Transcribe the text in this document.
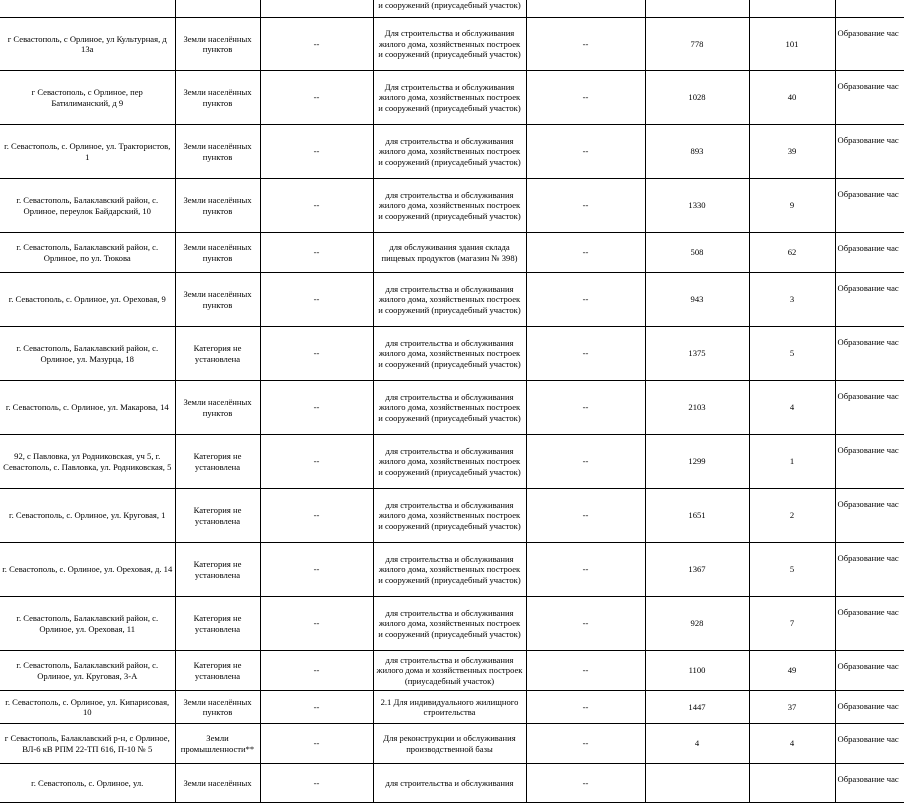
			и сооружений (приусадебный участок)				
г Севастополь, с Орлиное, ул Культурная, д 13а	Земли населённых пунктов	--	Для строительства и обслуживания жилого дома, хозяйственных построек и сооружений (приусадебный участок)	--	778	101	Образование час
г Севастополь, с Орлиное, пер Батилиманский, д 9	Земли населённых пунктов	--	Для строительства и обслуживания жилого дома, хозяйственных построек и сооружений (приусадебный участок)	--	1028	40	Образование час
г. Севастополь, с. Орлиное, ул. Трактористов, 1	Земли населённых пунктов	--	для строительства и обслуживания жилого дома, хозяйственных построек и сооружений (приусадебный участок)	--	893	39	Образование час
г. Севастополь, Балаклавский район, с. Орлиное, переулок Байдарский, 10	Земли населённых пунктов	--	для строительства и обслуживания жилого дома, хозяйственных построек и сооружений (приусадебный участок)	--	1330	9	Образование час
г. Севастополь, Балаклавский район, с. Орлиное, по ул. Тюкова	Земли населённых пунктов	--	для обслуживания здания склада пищевых продуктов (магазин № 398)	--	508	62	Образование час
г. Севастополь, с. Орлиное, ул. Ореховая, 9	Земли населённых пунктов	--	для строительства и обслуживания жилого дома, хозяйственных построек и сооружений (приусадебный участок)	--	943	3	Образование час
г. Севастополь, Балаклавский район, с. Орлиное, ул. Мазурца, 18	Категория не установлена	--	для строительства и обслуживания жилого дома, хозяйственных построек и сооружений (приусадебный участок)	--	1375	5	Образование час
г. Севастополь, с. Орлиное, ул. Макарова, 14	Земли населённых пунктов	--	для строительства и обслуживания жилого дома, хозяйственных построек и сооружений (приусадебный участок)	--	2103	4	Образование час
92, с Павловка, ул Родниковская, уч 5, г. Севастополь, с. Павловка, ул. Родниковская, 5	Категория не установлена	--	для строительства и обслуживания жилого дома, хозяйственных построек и сооружений (приусадебный участок)	--	1299	1	Образование час
г. Севастополь, с. Орлиное, ул. Круговая, 1	Категория не установлена	--	для строительства и обслуживания жилого дома, хозяйственных построек и сооружений (приусадебный участок)	--	1651	2	Образование час
г. Севастополь, с. Орлиное, ул. Ореховая, д. 14	Категория не установлена	--	для строительства и обслуживания жилого дома, хозяйственных построек и сооружений (приусадебный участок)	--	1367	5	Образование час
г. Севастополь, Балаклавский район, с. Орлиное, ул. Ореховая, 11	Категория не установлена	--	для строительства и обслуживания жилого дома, хозяйственных построек и сооружений (приусадебный участок)	--	928	7	Образование час
г. Севастополь, Балаклавский район, с. Орлиное, ул. Круговая, 3-А	Категория не установлена	--	для строительства и обслуживания жилого дома и хозяйственных построек (приусадебный участок)	--	1100	49	Образование час
г. Севастополь, с. Орлиное, ул. Кипарисовая, 10	Земли населённых пунктов	--	2.1 Для индивидуального жилищного строительства	--	1447	37	Образование час
г Севастополь, Балаклавский р-н, с Орлиное, ВЛ-6 кВ РПМ 22-ТП 616, П-10 № 5	Земли промышленности**	--	Для реконструкции и обслуживания производственной базы	--	4	4	Образование час
г. Севастополь, с. Орлиное, ул.	Земли населённых	--	для строительства и обслуживания	--			Образование час
